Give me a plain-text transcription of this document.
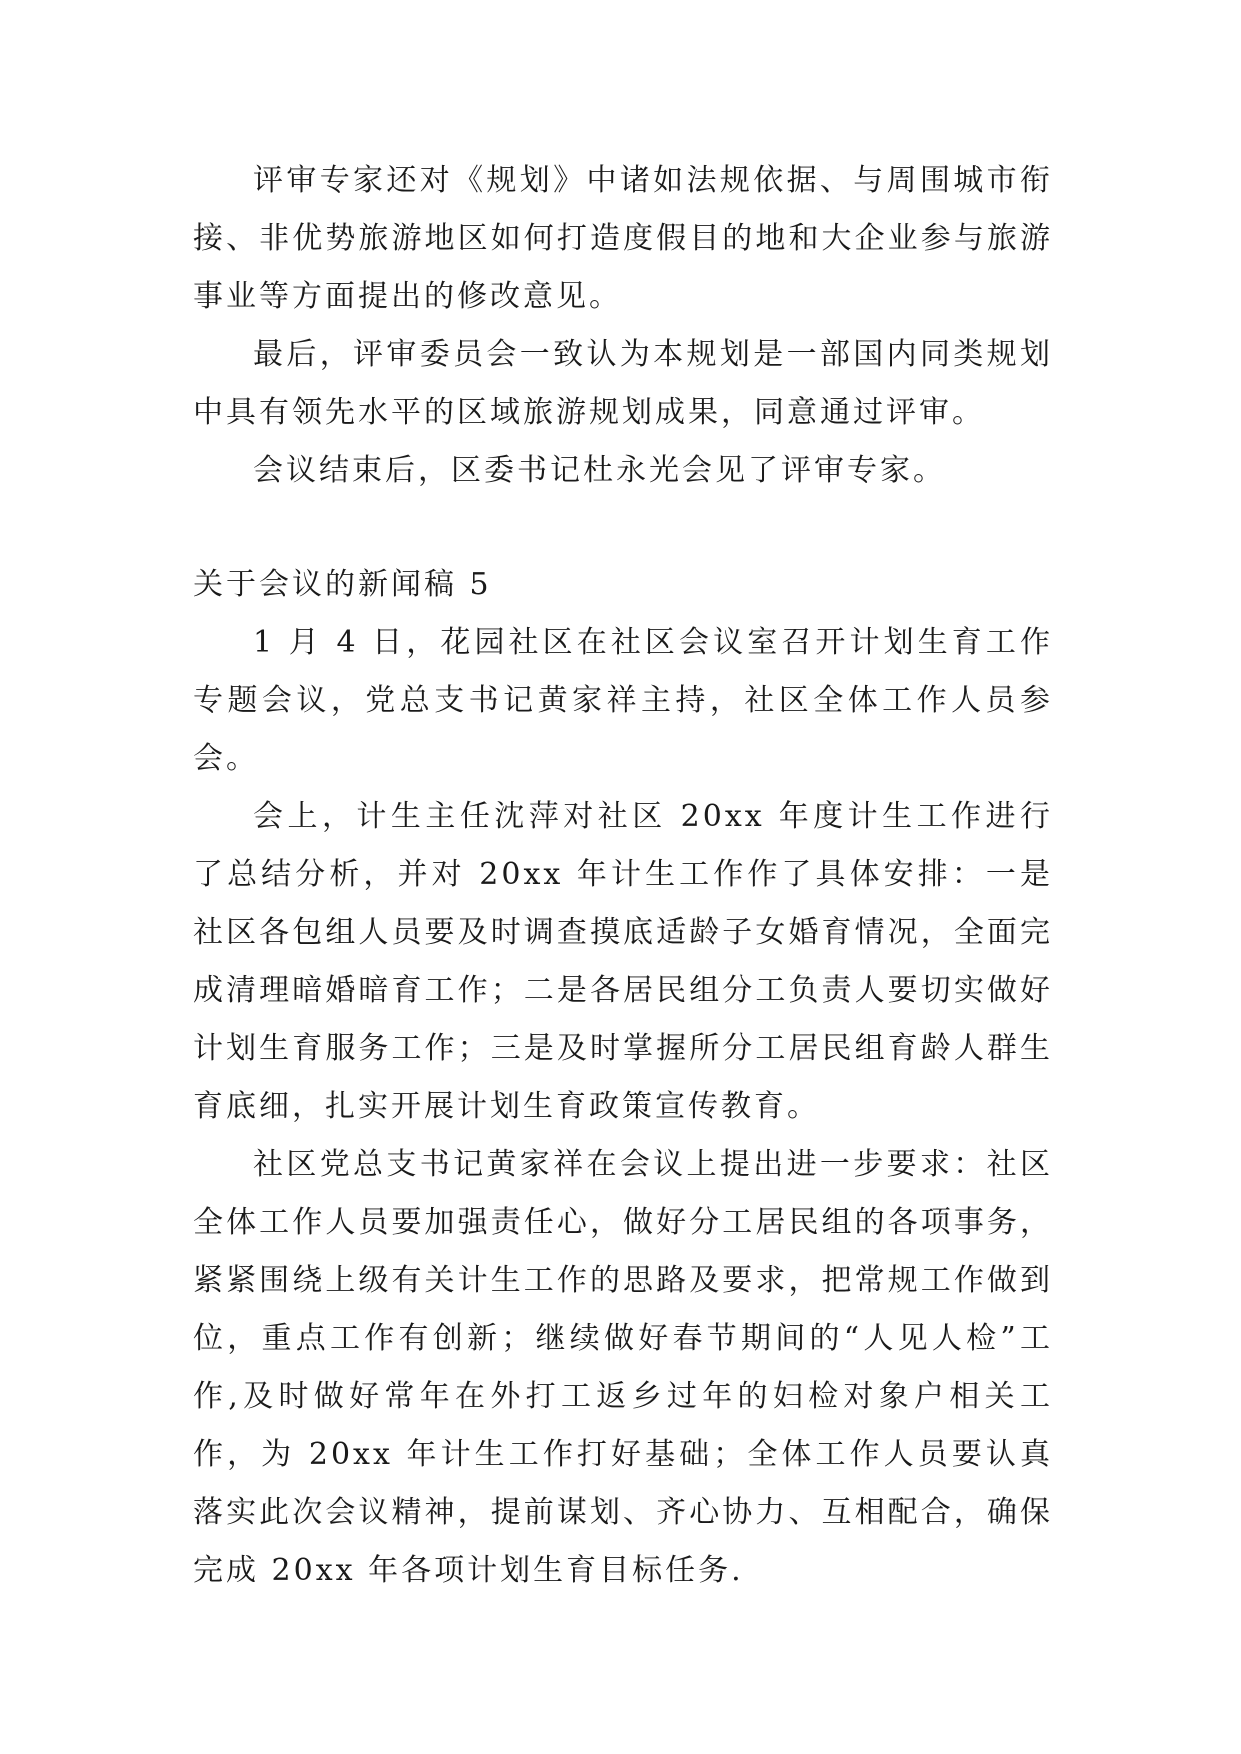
评审专家还对《规划》中诸如法规依据、与周围城市衔接、非优势旅游地区如何打造度假目的地和大企业参与旅游事业等方面提出的修改意见。

最后，评审委员会一致认为本规划是一部国内同类规划中具有领先水平的区域旅游规划成果，同意通过评审。

会议结束后，区委书记杜永光会见了评审专家。

关于会议的新闻稿 5

1 月 4 日，花园社区在社区会议室召开计划生育工作专题会议，党总支书记黄家祥主持，社区全体工作人员参会。

会上，计生主任沈萍对社区 20xx 年度计生工作进行了总结分析，并对 20xx 年计生工作作了具体安排：一是社区各包组人员要及时调查摸底适龄子女婚育情况，全面完成清理暗婚暗育工作；二是各居民组分工负责人要切实做好计划生育服务工作；三是及时掌握所分工居民组育龄人群生育底细，扎实开展计划生育政策宣传教育。

社区党总支书记黄家祥在会议上提出进一步要求：社区全体工作人员要加强责任心，做好分工居民组的各项事务，紧紧围绕上级有关计生工作的思路及要求，把常规工作做到位，重点工作有创新；继续做好春节期间的“人见人检”工作,及时做好常年在外打工返乡过年的妇检对象户相关工作，为 20xx 年计生工作打好基础；全体工作人员要认真落实此次会议精神，提前谋划、齐心协力、互相配合，确保完成 20xx 年各项计划生育目标任务.
